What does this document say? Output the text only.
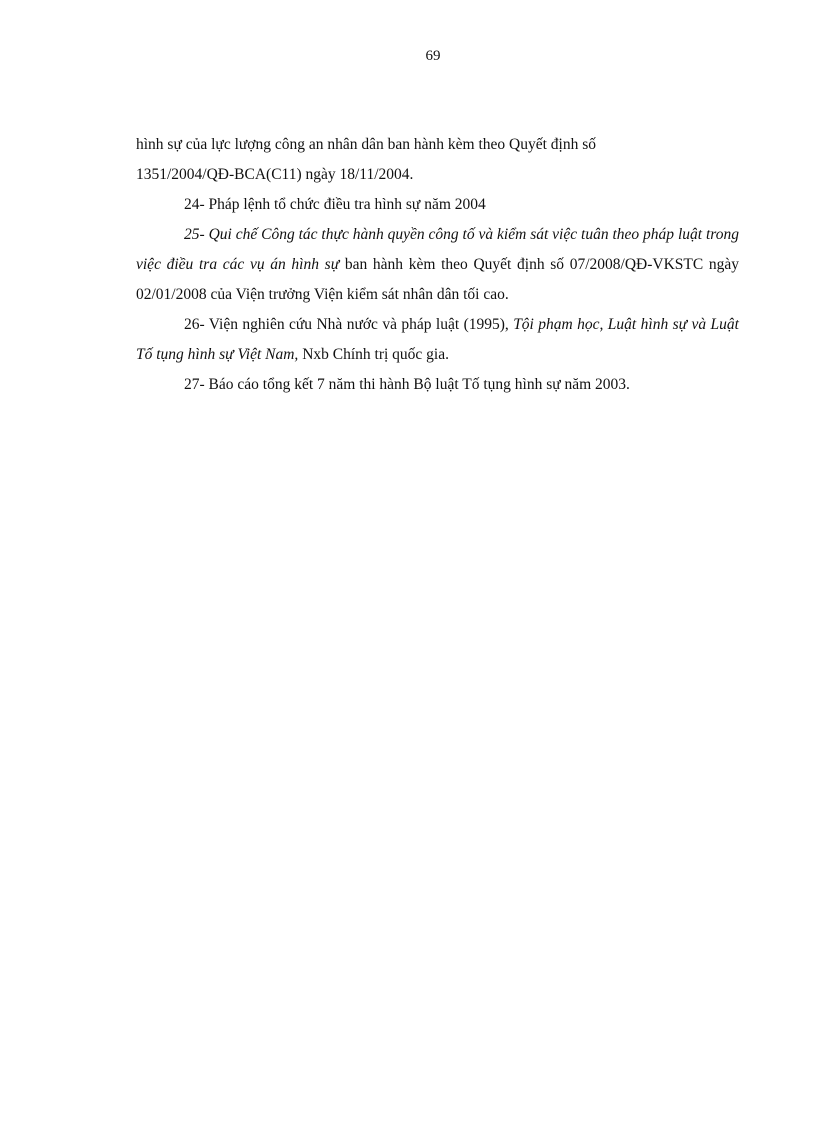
69

hình sự của lực lượng công an nhân dân ban hành kèm theo Quyết định số
1351/2004/QĐ-BCA(C11) ngày 18/11/2004.

24- Pháp lệnh tổ chức điều tra hình sự năm 2004

25- Qui chế Công tác thực hành quyền công tố và kiểm sát việc tuân theo pháp luật trong việc điều tra các vụ án hình sự ban hành kèm theo Quyết định số 07/2008/QĐ-VKSTC ngày 02/01/2008 của Viện trưởng Viện kiểm sát nhân dân tối cao.

26- Viện nghiên cứu Nhà nước và pháp luật (1995), Tội phạm học, Luật hình sự và Luật Tố tụng hình sự Việt Nam, Nxb Chính trị quốc gia.

27- Báo cáo tổng kết 7 năm thi hành Bộ luật Tố tụng hình sự năm 2003.
